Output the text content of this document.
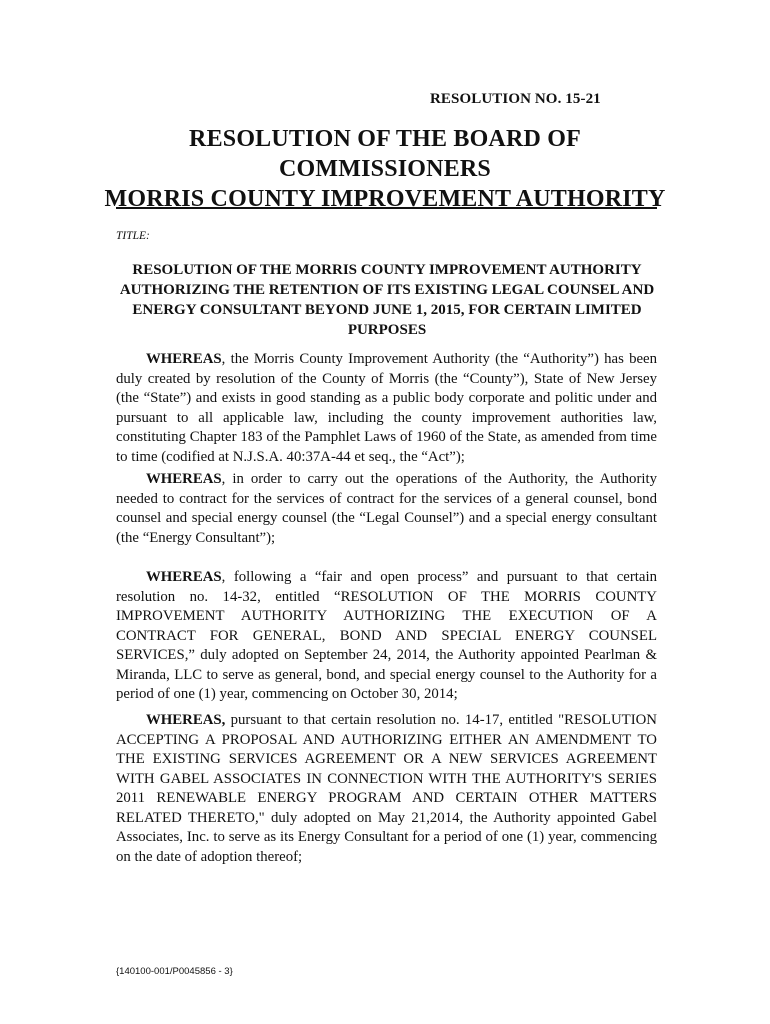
RESOLUTION NO. 15-21
RESOLUTION OF THE BOARD OF COMMISSIONERS
MORRIS COUNTY IMPROVEMENT AUTHORITY
TITLE:
RESOLUTION OF THE MORRIS COUNTY IMPROVEMENT AUTHORITY AUTHORIZING THE RETENTION OF ITS EXISTING LEGAL COUNSEL AND ENERGY CONSULTANT BEYOND JUNE 1, 2015, FOR CERTAIN LIMITED PURPOSES
WHEREAS, the Morris County Improvement Authority (the “Authority”) has been duly created by resolution of the County of Morris (the “County”), State of New Jersey (the “State”) and exists in good standing as a public body corporate and politic under and pursuant to all applicable law, including the county improvement authorities law, constituting Chapter 183 of the Pamphlet Laws of 1960 of the State, as amended from time to time (codified at N.J.S.A. 40:37A-44 et seq., the “Act”);
WHEREAS, in order to carry out the operations of the Authority, the Authority needed to contract for the services of contract for the services of a general counsel, bond counsel and special energy counsel (the “Legal Counsel”) and a special energy consultant (the “Energy Consultant”);
WHEREAS, following a “fair and open process” and pursuant to that certain resolution no. 14-32, entitled “RESOLUTION OF THE MORRIS COUNTY IMPROVEMENT AUTHORITY AUTHORIZING THE EXECUTION OF A CONTRACT FOR GENERAL, BOND AND SPECIAL ENERGY COUNSEL SERVICES,” duly adopted on September 24, 2014, the Authority appointed Pearlman & Miranda, LLC to serve as general, bond, and special energy counsel to the Authority for a period of one (1) year, commencing on October 30, 2014;
WHEREAS, pursuant to that certain resolution no. 14-17, entitled "RESOLUTION ACCEPTING A PROPOSAL AND AUTHORIZING EITHER AN AMENDMENT TO THE EXISTING SERVICES AGREEMENT OR A NEW SERVICES AGREEMENT WITH GABEL ASSOCIATES IN CONNECTION WITH THE AUTHORITY'S SERIES 2011 RENEWABLE ENERGY PROGRAM AND CERTAIN OTHER MATTERS RELATED THERETO," duly adopted on May 21,2014, the Authority appointed Gabel Associates, Inc. to serve as its Energy Consultant for a period of one (1) year, commencing on the date of adoption thereof;
{140100-001/P0045856 - 3}
